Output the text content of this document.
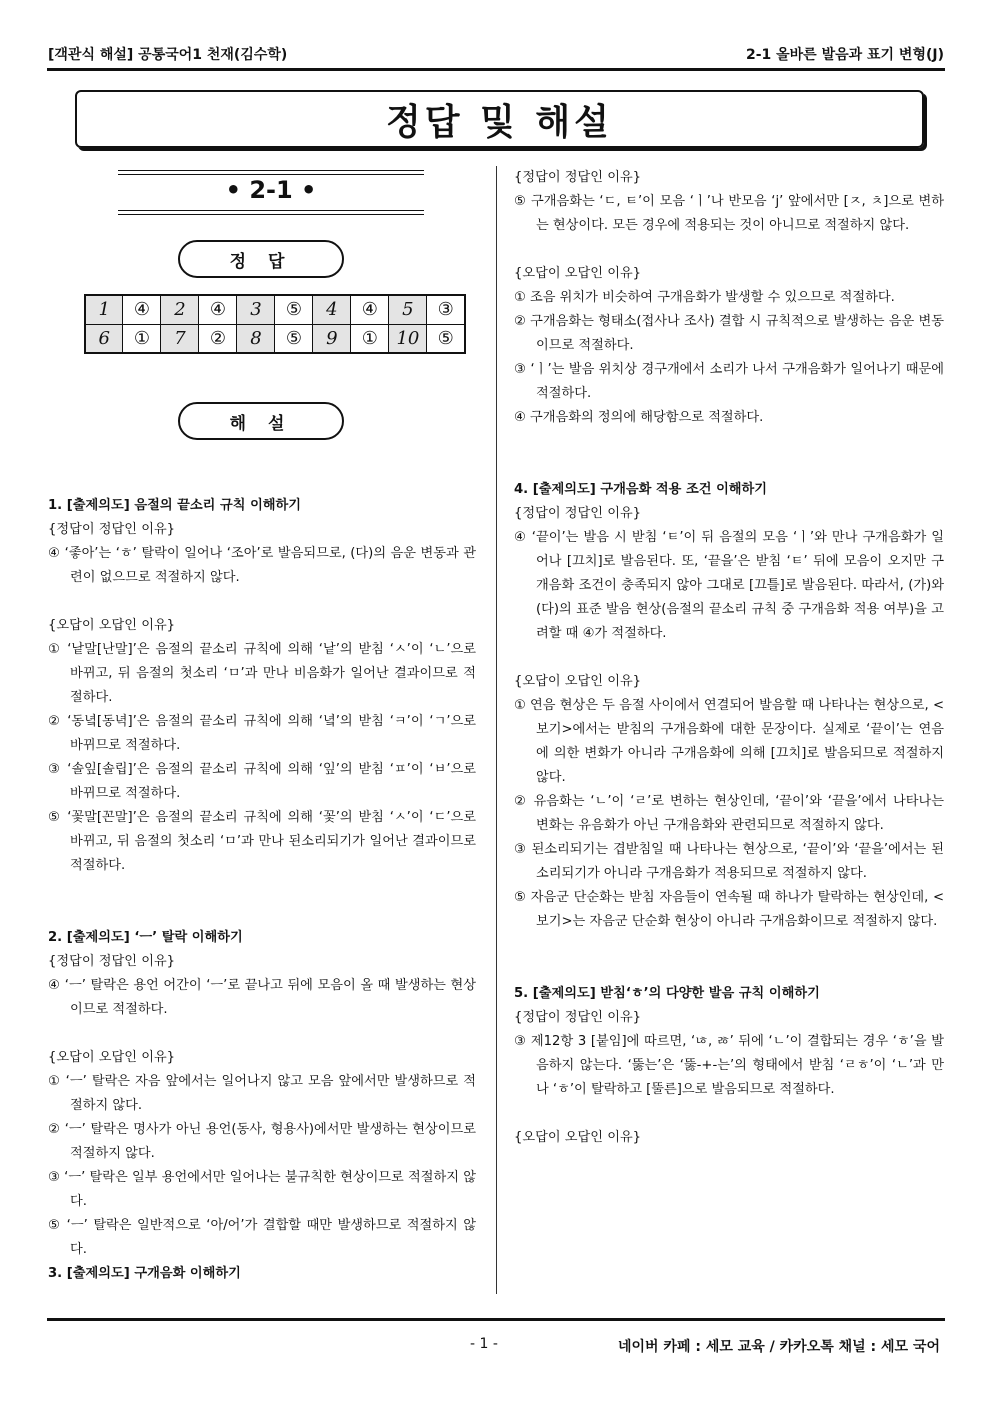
[객관식 해설] 공통국어1 천재(김수학)	2-1 올바른 발음과 표기 변형(J)
정답 및 해설
• 2-1 •
정 답
1	④	2	④	3	⑤	4	④	5	③
6	①	7	②	8	⑤	9	①	10	⑤
해 설

1. [출제의도] 음절의 끝소리 규칙 이해하기

{정답이 정답인 이유}

④ ‘좋아’는 ‘ㅎ’ 탈락이 일어나 ‘조아’로 발음되므로, (다)의 음운 변동과 관련이 없으므로 적절하지 않다.

{오답이 오답인 이유}

① ‘낱말[난말]’은 음절의 끝소리 규칙에 의해 ‘낱’의 받침 ‘ㅅ’이 ‘ㄴ’으로 바뀌고, 뒤 음절의 첫소리 ‘ㅁ’과 만나 비음화가 일어난 결과이므로 적절하다.

② ‘동녘[동녁]’은 음절의 끝소리 규칙에 의해 ‘녘’의 받침 ‘ㅋ’이 ‘ㄱ’으로 바뀌므로 적절하다.

③ ‘솔잎[솔립]’은 음절의 끝소리 규칙에 의해 ‘잎’의 받침 ‘ㅍ’이 ‘ㅂ’으로 바뀌므로 적절하다.

⑤ ‘꽃말[꼰말]’은 음절의 끝소리 규칙에 의해 ‘꽃’의 받침 ‘ㅅ’이 ‘ㄷ’으로 바뀌고, 뒤 음절의 첫소리 ‘ㅁ’과 만나 된소리되기가 일어난 결과이므로 적절하다.

2. [출제의도] ‘ㅡ’ 탈락 이해하기

{정답이 정답인 이유}

④ ‘ㅡ’ 탈락은 용언 어간이 ‘ㅡ’로 끝나고 뒤에 모음이 올 때 발생하는 현상이므로 적절하다.

{오답이 오답인 이유}

① ‘ㅡ’ 탈락은 자음 앞에서는 일어나지 않고 모음 앞에서만 발생하므로 적절하지 않다.

② ‘ㅡ’ 탈락은 명사가 아닌 용언(동사, 형용사)에서만 발생하는 현상이므로 적절하지 않다.

③ ‘ㅡ’ 탈락은 일부 용언에서만 일어나는 불규칙한 현상이므로 적절하지 않다.

⑤ ‘ㅡ’ 탈락은 일반적으로 ‘아/어’가 결합할 때만 발생하므로 적절하지 않다.

3. [출제의도] 구개음화 이해하기

{정답이 정답인 이유}

⑤ 구개음화는 ‘ㄷ, ㅌ’이 모음 ‘ㅣ’나 반모음 ‘j’ 앞에서만 [ㅈ, ㅊ]으로 변하는 현상이다. 모든 경우에 적용되는 것이 아니므로 적절하지 않다.

{오답이 오답인 이유}

① 조음 위치가 비슷하여 구개음화가 발생할 수 있으므로 적절하다.

② 구개음화는 형태소(접사나 조사) 결합 시 규칙적으로 발생하는 음운 변동이므로 적절하다.

③ ‘ㅣ’는 발음 위치상 경구개에서 소리가 나서 구개음화가 일어나기 때문에 적절하다.

④ 구개음화의 정의에 해당함으로 적절하다.

4. [출제의도] 구개음화 적용 조건 이해하기

{정답이 정답인 이유}

④ ‘끝이’는 발음 시 받침 ‘ㅌ’이 뒤 음절의 모음 ‘ㅣ’와 만나 구개음화가 일어나 [끄치]로 발음된다. 또, ‘끝을’은 받침 ‘ㅌ’ 뒤에 모음이 오지만 구개음화 조건이 충족되지 않아 그대로 [끄틀]로 발음된다. 따라서, (가)와 (다)의 표준 발음 현상(음절의 끝소리 규칙 중 구개음화 적용 여부)을 고려할 때 ④가 적절하다.

{오답이 오답인 이유}

① 연음 현상은 두 음절 사이에서 연결되어 발음할 때 나타나는 현상으로, <보기>에서는 받침의 구개음화에 대한 문장이다. 실제로 ‘끝이’는 연음에 의한 변화가 아니라 구개음화에 의해 [끄치]로 발음되므로 적절하지 않다.

② 유음화는 ‘ㄴ’이 ‘ㄹ’로 변하는 현상인데, ‘끝이’와 ‘끝을’에서 나타나는 변화는 유음화가 아닌 구개음화와 관련되므로 적절하지 않다.

③ 된소리되기는 겹받침일 때 나타나는 현상으로, ‘끝이’와 ‘끝을’에서는 된소리되기가 아니라 구개음화가 적용되므로 적절하지 않다.

⑤ 자음군 단순화는 받침 자음들이 연속될 때 하나가 탈락하는 현상인데, <보기>는 자음군 단순화 현상이 아니라 구개음화이므로 적절하지 않다.

5. [출제의도] 받침‘ㅎ’의 다양한 발음 규칙 이해하기

{정답이 정답인 이유}

③ 제12항 3 [붙임]에 따르면, ‘ㄶ, ㅀ’ 뒤에 ‘ㄴ’이 결합되는 경우 ‘ㅎ’을 발음하지 않는다. ‘뚫는’은 ‘뚫-+-는’의 형태에서 받침 ‘ㄹㅎ’이 ‘ㄴ’과 만나 ‘ㅎ’이 탈락하고 [뚤른]으로 발음되므로 적절하다.

{오답이 오답인 이유}

- 1 -	네이버 카페 : 세모 교육 / 카카오톡 채널 : 세모 국어
